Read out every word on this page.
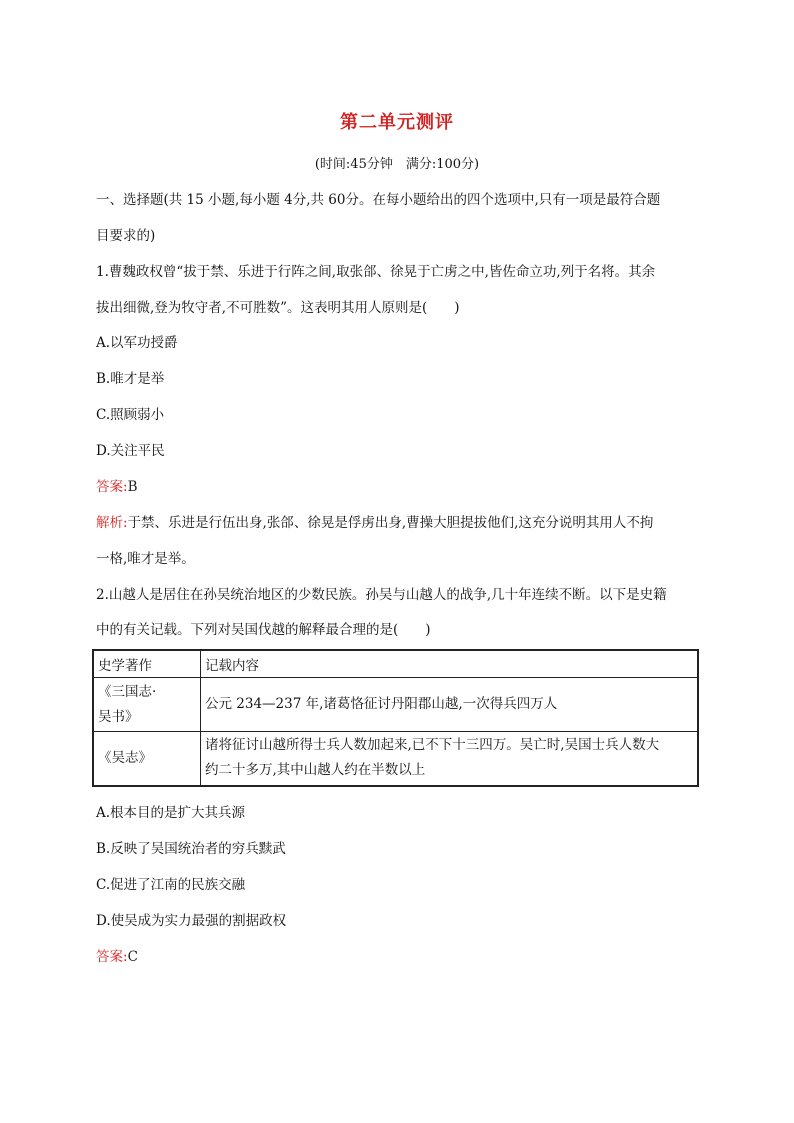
第二单元测评
(时间:45分钟　满分:100分)
一、选择题(共 15 小题,每小题 4分,共 60分。在每小题给出的四个选项中,只有一项是最符合题
目要求的)
1.曹魏政权曾“拔于禁、乐进于行阵之间,取张郃、徐晃于亡虏之中,皆佐命立功,列于名将。其余
拔出细微,登为牧守者,不可胜数”。这表明其用人原则是(　　)
A.以军功授爵
B.唯才是举
C.照顾弱小
D.关注平民
答案:B
解析:于禁、乐进是行伍出身,张郃、徐晃是俘虏出身,曹操大胆提拔他们,这充分说明其用人不拘
一格,唯才是举。
2.山越人是居住在孙吴统治地区的少数民族。孙吴与山越人的战争,几十年连续不断。以下是史籍
中的有关记载。下列对吴国伐越的解释最合理的是(　　)
史学著作	记载内容

《三国志·
吴书》	公元 234—237 年,诸葛恪征讨丹阳郡山越,一次得兵四万人

《吴志》	诸将征讨山越所得士兵人数加起来,已不下十三四万。吴亡时,吴国士兵人数大
约二十多万,其中山越人约在半数以上
A.根本目的是扩大其兵源
B.反映了吴国统治者的穷兵黩武
C.促进了江南的民族交融
D.使吴成为实力最强的割据政权
答案:C
